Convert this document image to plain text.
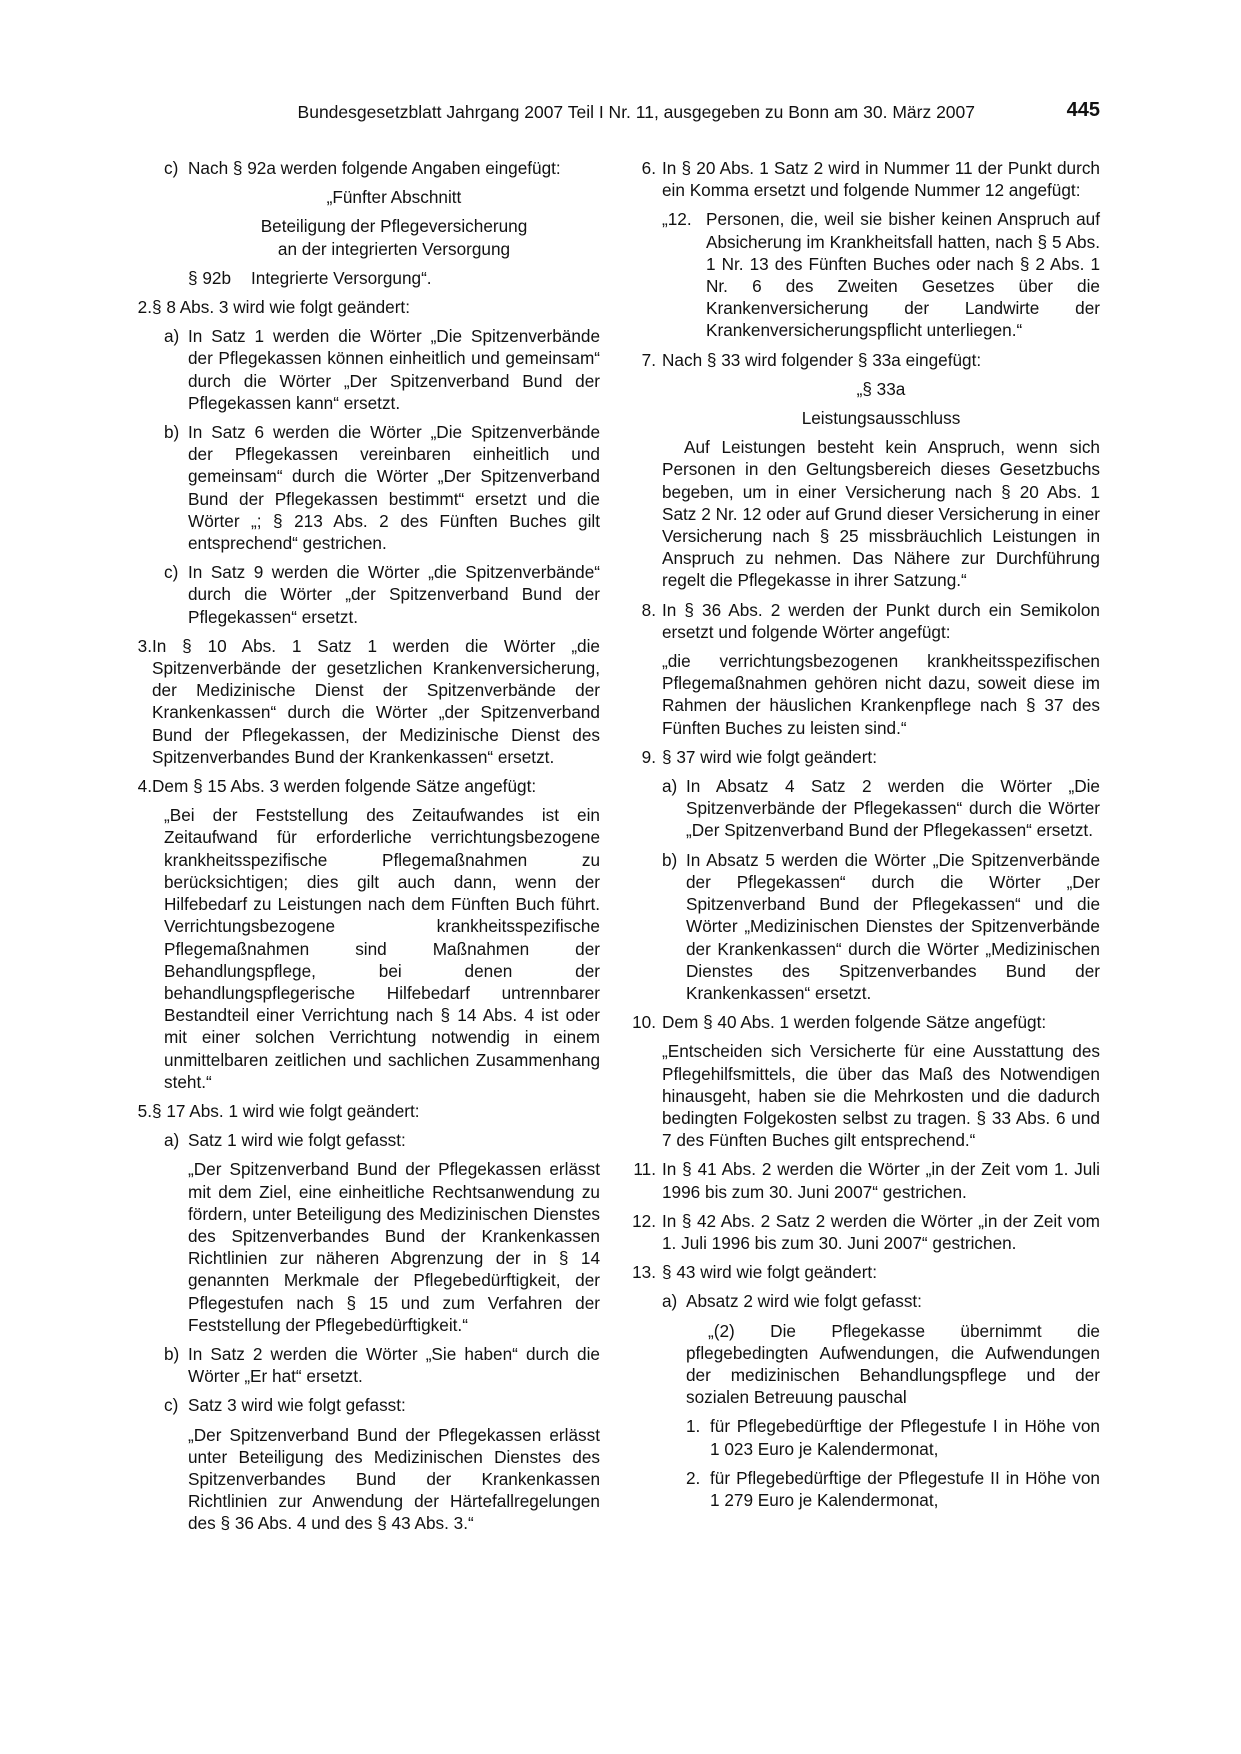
Bundesgesetzblatt Jahrgang 2007 Teil I Nr. 11, ausgegeben zu Bonn am 30. März 2007	445
c) Nach § 92a werden folgende Angaben eingefügt:

„Fünfter Abschnitt

Beteiligung der Pflegeversicherung

an der integrierten Versorgung

§ 92b Integrierte Versorgung“.

2. § 8 Abs. 3 wird wie folgt geändert:

a) In Satz 1 werden die Wörter „Die Spitzenverbände der Pflegekassen können einheitlich und gemeinsam“ durch die Wörter „Der Spitzenverband Bund der Pflegekassen kann“ ersetzt.

b) In Satz 6 werden die Wörter „Die Spitzenverbände der Pflegekassen vereinbaren einheitlich und gemeinsam“ durch die Wörter „Der Spitzenverband Bund der Pflegekassen bestimmt“ ersetzt und die Wörter „; § 213 Abs. 2 des Fünften Buches gilt entsprechend“ gestrichen.

c) In Satz 9 werden die Wörter „die Spitzenverbände“ durch die Wörter „der Spitzenverband Bund der Pflegekassen“ ersetzt.

3. In § 10 Abs. 1 Satz 1 werden die Wörter „die Spitzenverbände der gesetzlichen Krankenversicherung, der Medizinische Dienst der Spitzenverbände der Krankenkassen“ durch die Wörter „der Spitzenverband Bund der Pflegekassen, der Medizinische Dienst des Spitzenverbandes Bund der Krankenkassen“ ersetzt.

4. Dem § 15 Abs. 3 werden folgende Sätze angefügt:

„Bei der Feststellung des Zeitaufwandes ist ein Zeitaufwand für erforderliche verrichtungsbezogene krankheitsspezifische Pflegemaßnahmen zu berücksichtigen; dies gilt auch dann, wenn der Hilfebedarf zu Leistungen nach dem Fünften Buch führt. Verrichtungsbezogene krankheitsspezifische Pflegemaßnahmen sind Maßnahmen der Behandlungspflege, bei denen der behandlungspflegerische Hilfebedarf untrennbarer Bestandteil einer Verrichtung nach § 14 Abs. 4 ist oder mit einer solchen Verrichtung notwendig in einem unmittelbaren zeitlichen und sachlichen Zusammenhang steht.“

5. § 17 Abs. 1 wird wie folgt geändert:

a) Satz 1 wird wie folgt gefasst:

„Der Spitzenverband Bund der Pflegekassen erlässt mit dem Ziel, eine einheitliche Rechtsanwendung zu fördern, unter Beteiligung des Medizinischen Dienstes des Spitzenverbandes Bund der Krankenkassen Richtlinien zur näheren Abgrenzung der in § 14 genannten Merkmale der Pflegebedürftigkeit, der Pflegestufen nach § 15 und zum Verfahren der Feststellung der Pflegebedürftigkeit.“

b) In Satz 2 werden die Wörter „Sie haben“ durch die Wörter „Er hat“ ersetzt.

c) Satz 3 wird wie folgt gefasst:

„Der Spitzenverband Bund der Pflegekassen erlässt unter Beteiligung des Medizinischen Dienstes des Spitzenverbandes Bund der Krankenkassen Richtlinien zur Anwendung der Härtefallregelungen des § 36 Abs. 4 und des § 43 Abs. 3.“

6. In § 20 Abs. 1 Satz 2 wird in Nummer 11 der Punkt durch ein Komma ersetzt und folgende Nummer 12 angefügt:

„12. Personen, die, weil sie bisher keinen Anspruch auf Absicherung im Krankheitsfall hatten, nach § 5 Abs. 1 Nr. 13 des Fünften Buches oder nach § 2 Abs. 1 Nr. 6 des Zweiten Gesetzes über die Krankenversicherung der Landwirte der Krankenversicherungspflicht unterliegen.“

7. Nach § 33 wird folgender § 33a eingefügt:

„§ 33a

Leistungsausschluss

Auf Leistungen besteht kein Anspruch, wenn sich Personen in den Geltungsbereich dieses Gesetzbuchs begeben, um in einer Versicherung nach § 20 Abs. 1 Satz 2 Nr. 12 oder auf Grund dieser Versicherung in einer Versicherung nach § 25 missbräuchlich Leistungen in Anspruch zu nehmen. Das Nähere zur Durchführung regelt die Pflegekasse in ihrer Satzung.“

8. In § 36 Abs. 2 werden der Punkt durch ein Semikolon ersetzt und folgende Wörter angefügt:

„die verrichtungsbezogenen krankheitsspezifischen Pflegemaßnahmen gehören nicht dazu, soweit diese im Rahmen der häuslichen Krankenpflege nach § 37 des Fünften Buches zu leisten sind.“

9. § 37 wird wie folgt geändert:

a) In Absatz 4 Satz 2 werden die Wörter „Die Spitzenverbände der Pflegekassen“ durch die Wörter „Der Spitzenverband Bund der Pflegekassen“ ersetzt.

b) In Absatz 5 werden die Wörter „Die Spitzenverbände der Pflegekassen“ durch die Wörter „Der Spitzenverband Bund der Pflegekassen“ und die Wörter „Medizinischen Dienstes der Spitzenverbände der Krankenkassen“ durch die Wörter „Medizinischen Dienstes des Spitzenverbandes Bund der Krankenkassen“ ersetzt.

10. Dem § 40 Abs. 1 werden folgende Sätze angefügt:

„Entscheiden sich Versicherte für eine Ausstattung des Pflegehilfsmittels, die über das Maß des Notwendigen hinausgeht, haben sie die Mehrkosten und die dadurch bedingten Folgekosten selbst zu tragen. § 33 Abs. 6 und 7 des Fünften Buches gilt entsprechend.“

11. In § 41 Abs. 2 werden die Wörter „in der Zeit vom 1. Juli 1996 bis zum 30. Juni 2007“ gestrichen.

12. In § 42 Abs. 2 Satz 2 werden die Wörter „in der Zeit vom 1. Juli 1996 bis zum 30. Juni 2007“ gestrichen.

13. § 43 wird wie folgt geändert:

a) Absatz 2 wird wie folgt gefasst:

„(2) Die Pflegekasse übernimmt die pflegebedingten Aufwendungen, die Aufwendungen der medizinischen Behandlungspflege und der sozialen Betreuung pauschal

1. für Pflegebedürftige der Pflegestufe I in Höhe von 1 023 Euro je Kalendermonat,

2. für Pflegebedürftige der Pflegestufe II in Höhe von 1 279 Euro je Kalendermonat,
